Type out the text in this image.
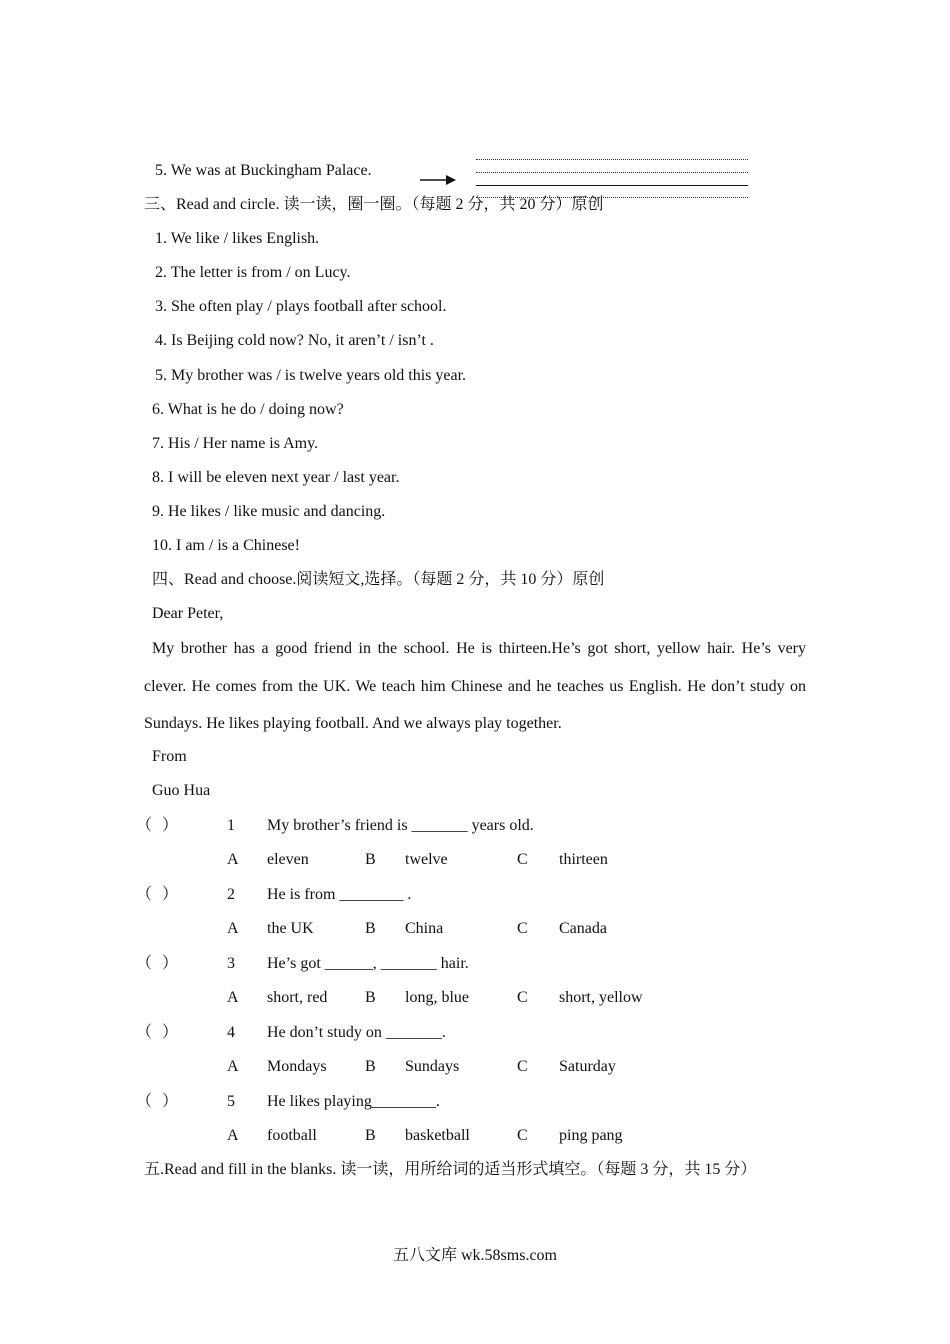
5. We was at Buckingham Palace.
三、Read and circle. 读一读，圈一圈。（每题 2 分，共 20 分）原创
1. We like / likes English.
2. The letter is from / on Lucy.
3. She often play / plays football after school.
4. Is Beijing cold now? No, it aren’t / isn’t .
5. My brother was / is twelve years old this year.
6. What is he do / doing now?
7. His / Her name is Amy.
8. I will be eleven next year / last year.
9. He likes / like music and dancing.
10. I am / is a Chinese!
四、Read and choose.阅读短文,选择。（每题 2 分，共 10 分）原创
Dear Peter,
My brother has a good friend in the school. He is thirteen.He’s got short, yellow hair. He’s very clever. He comes from the UK. We teach him Chinese and he teaches us English. He don’t study on Sundays. He likes playing football. And we always play together.
From
Guo Hua
（ ）	1 My brother’s friend is _______ years old.
A eleven	B twelve	C thirteen
（ ）	2 He is from ________ .
A the UK	B China	C Canada
（ ）	3 He’s got ______, _______ hair.
A short, red B long, blue	C short, yellow
（ ）	4 He don’t study on _______.
A Mondays B Sundays	C Saturday
（ ）	5 He likes playing________.
A football	B basketball	C ping pang
五.Read and fill in the blanks. 读一读，用所给词的适当形式填空。（每题 3 分，共 15 分）
五八文库 wk.58sms.com
